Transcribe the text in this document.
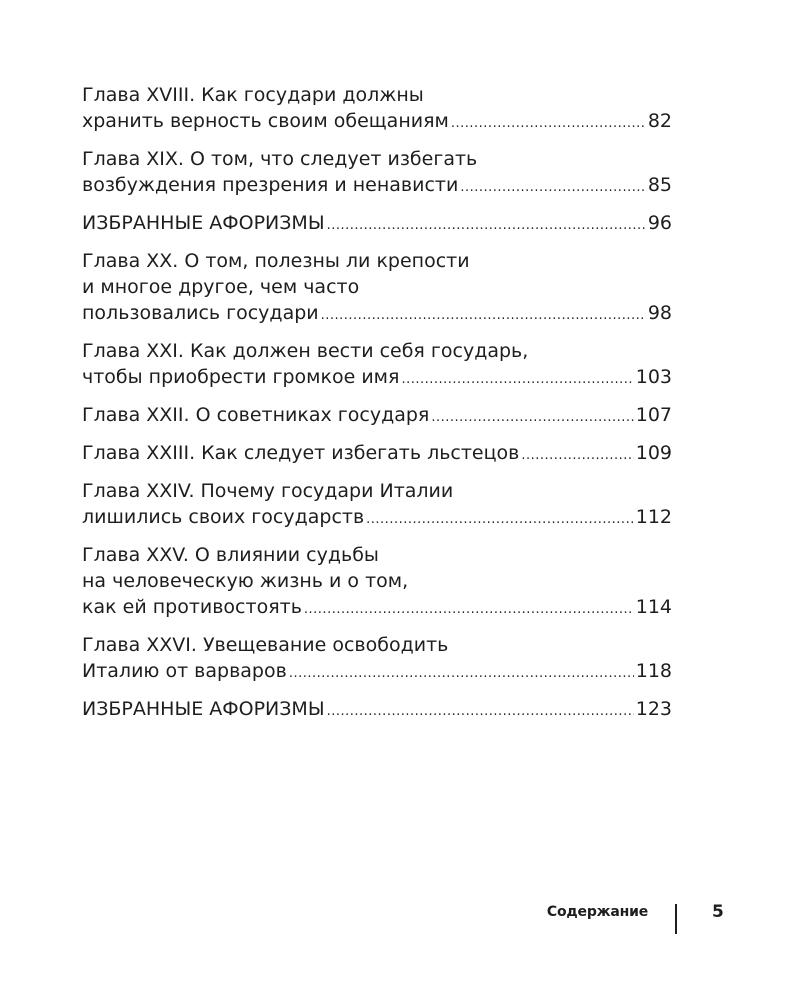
Глава XVIII. Как государи должны
хранить верность своим обещаниям .....	82
Глава XIX. О том, что следует избегать
возбуждения презрения и ненависти .....	85
ИЗБРАННЫЕ АФОРИЗМЫ .....	96
Глава XX. О том, полезны ли крепости
и многое другое, чем часто
пользовались государи .....	98
Глава XXI. Как должен вести себя государь,
чтобы приобрести громкое имя .....	103
Глава XXII. О советниках государя .....	107
Глава XXIII. Как следует избегать льстецов .....	109
Глава XXIV. Почему государи Италии
лишились своих государств .....	112
Глава XXV. О влиянии судьбы
на человеческую жизнь и о том,
как ей противостоять .....	114
Глава XXVI. Увещевание освободить
Италию от варваров .....	118
ИЗБРАННЫЕ АФОРИЗМЫ .....	123
Содержание	5
